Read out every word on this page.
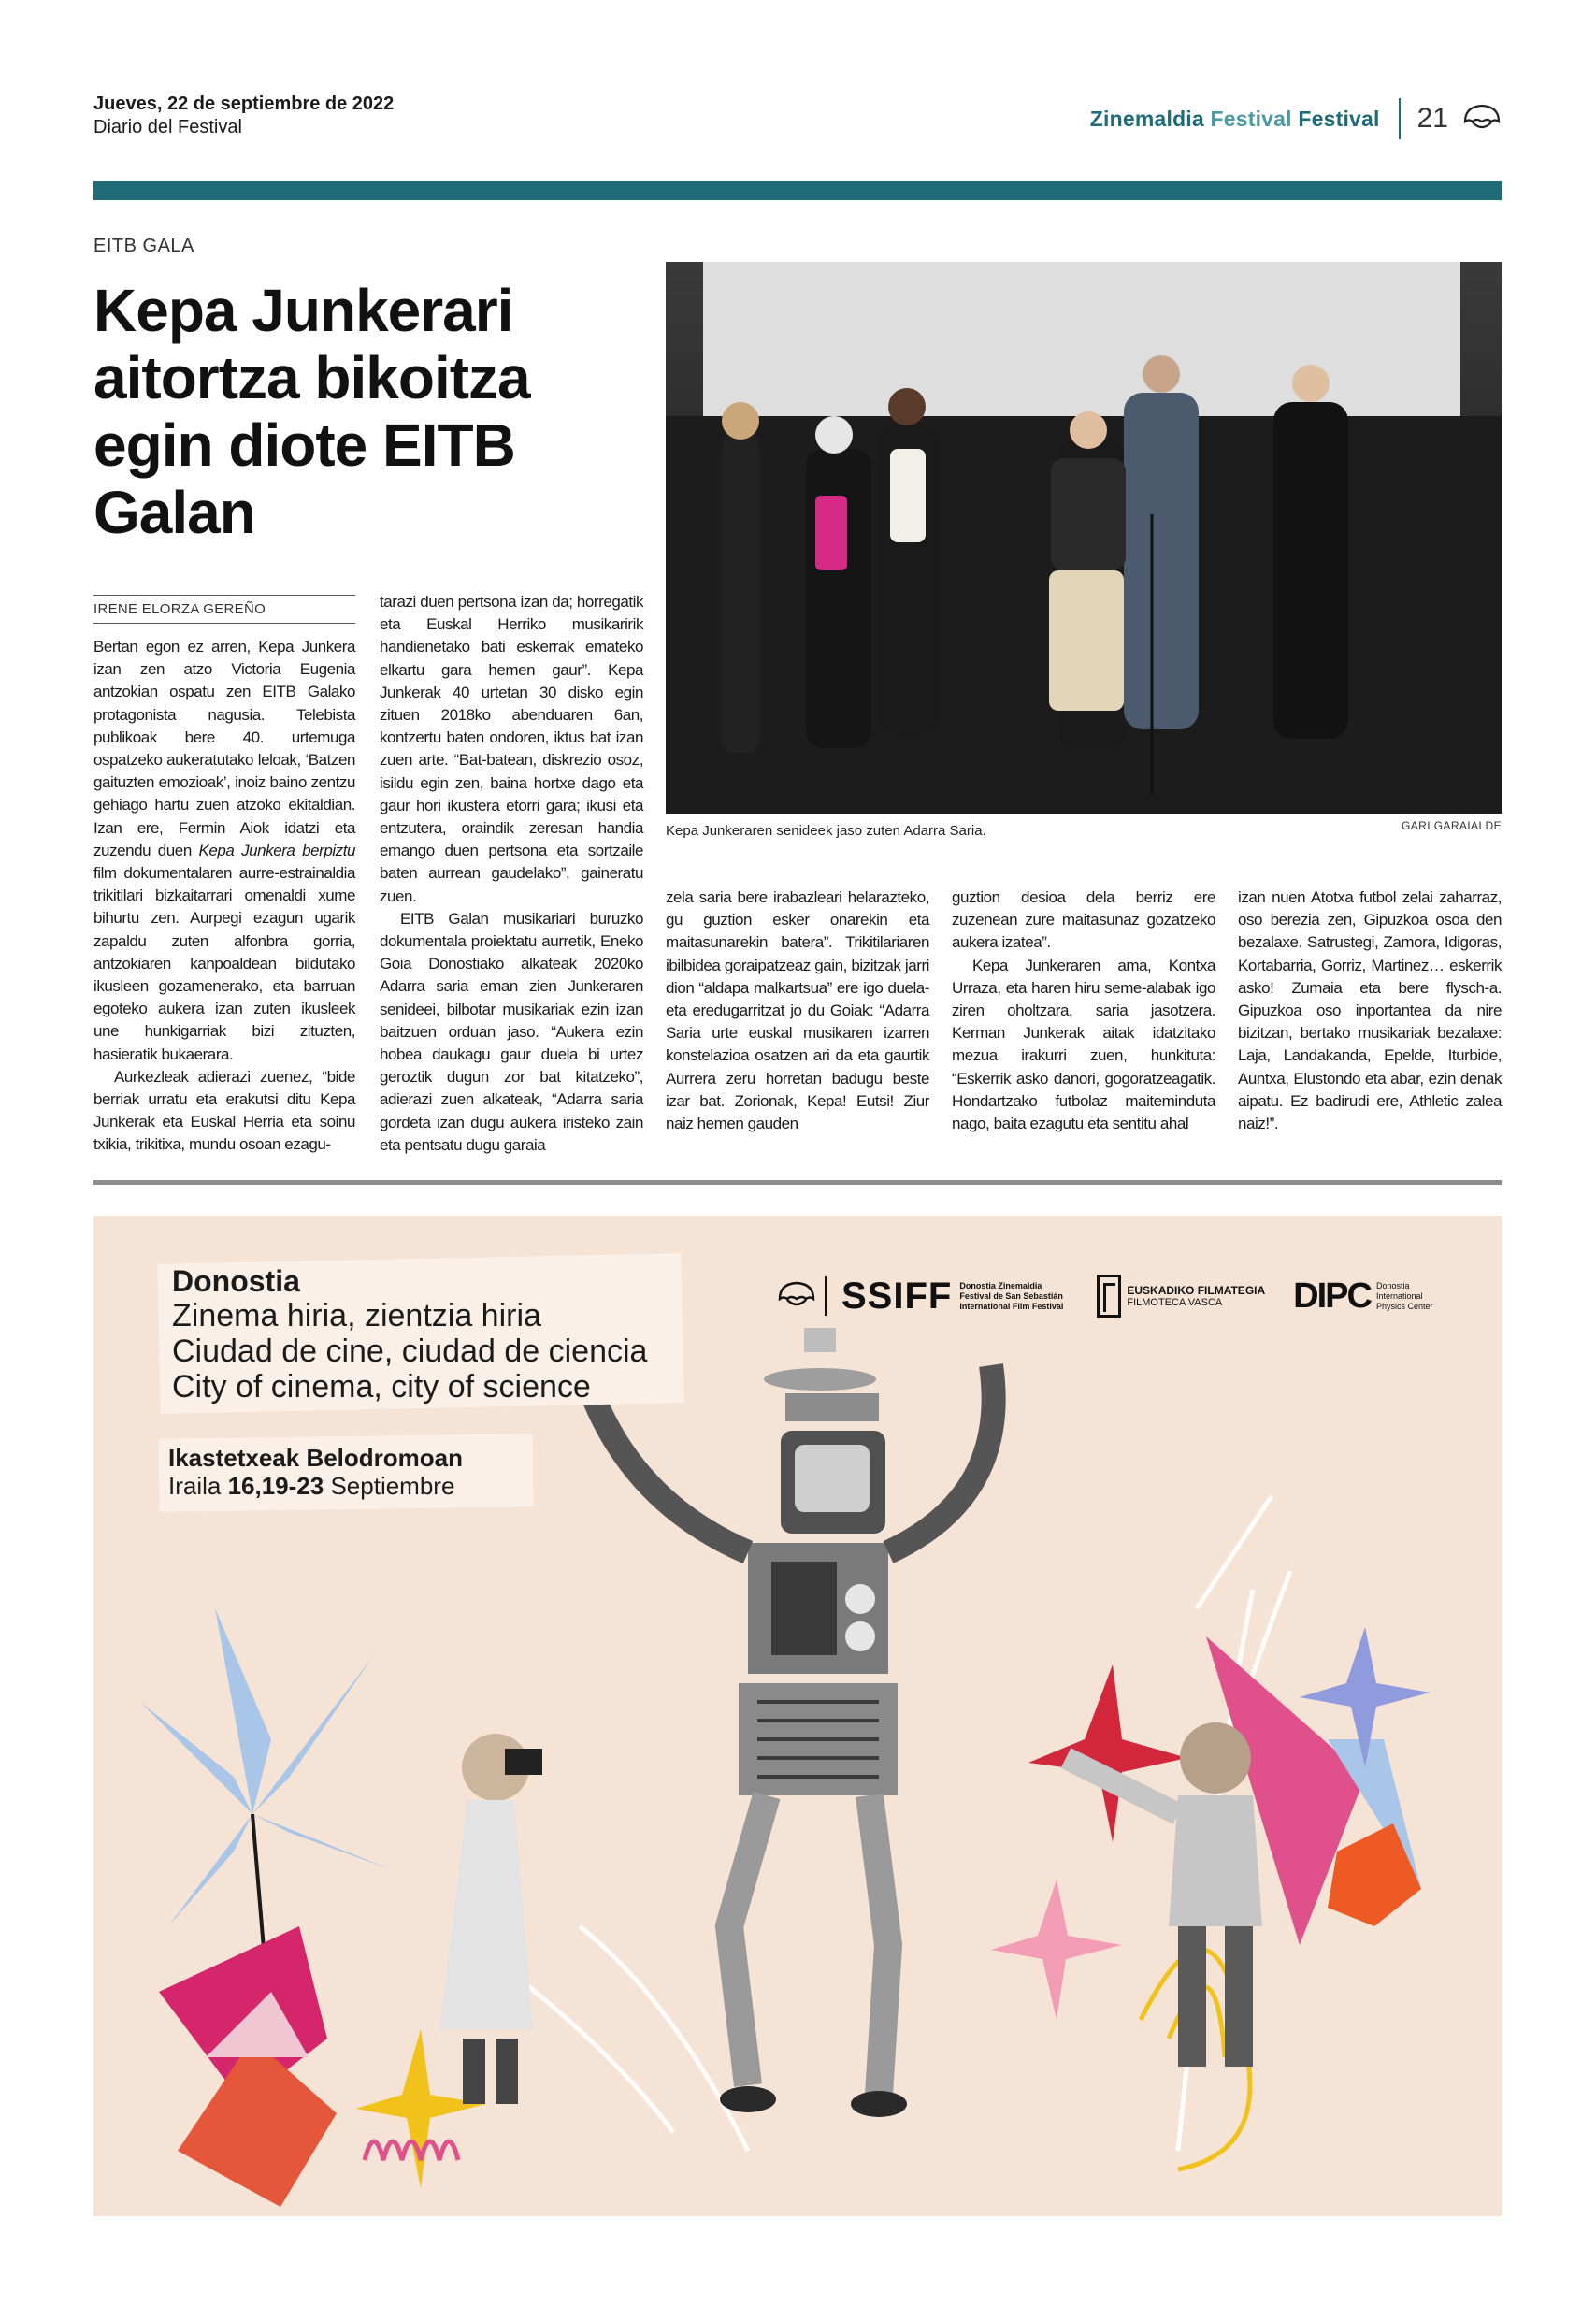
Jueves, 22 de septiembre de 2022
Diario del Festival	Zinemaldia Festival Festival 21
EITB GALA
Kepa Junkerari aitortza bikoitza egin diote EITB Galan
IRENE ELORZA GEREÑO

Bertan egon ez arren, Kepa Junkera izan zen atzo Victoria Eugenia antzokian ospatu zen EITB Galako protagonista nagusia. Telebista publikoak bere 40. urtemuga ospatzeko aukeratutako leloak, ‘Batzen gaituzten emozioak’, inoiz baino zentzu gehiago hartu zuen atzoko ekitaldian. Izan ere, Fermin Aiok idatzi eta zuzendu duen Kepa Junkera berpiztu film dokumentalaren aurre-estrainaldia trikitilari bizkaitarrari omenaldi xume bihurtu zen. Aurpegi ezagun ugarik zapaldu zuten alfonbra gorria, antzokiaren kanpoaldean bildutako ikusleen gozamenerako, eta barruan egoteko aukera izan zuten ikusleek une hunkigarriak bizi zituzten, hasieratik bukaerara.

Aurkezleak adierazi zuenez, “bide berriak urratu eta erakutsi ditu Kepa Junkerak eta Euskal Herria eta soinu txikia, trikitixa, mundu osoan ezagu-

tarazi duen pertsona izan da; horregatik eta Euskal Herriko musikaririk handienetako bati eskerrak emateko elkartu gara hemen gaur”. Kepa Junkerak 40 urtetan 30 disko egin zituen 2018ko abenduaren 6an, kontzertu baten ondoren, iktus bat izan zuen arte. “Bat-batean, diskrezio osoz, isildu egin zen, baina hortxe dago eta gaur hori ikustera etorri gara; ikusi eta entzutera, oraindik zeresan handia emango duen pertsona eta sortzaile baten aurrean gaudelako”, gaineratu zuen.

EITB Galan musikariari buruzko dokumentala proiektatu aurretik, Eneko Goia Donostiako alkateak 2020ko Adarra saria eman zien Junkeraren senideei, bilbotar musikariak ezin izan baitzuen orduan jaso. “Aukera ezin hobea daukagu gaur duela bi urtez geroztik dugun zor bat kitatzeko”, adierazi zuen alkateak, “Adarra saria gordeta izan dugu aukera iristeko zain eta pentsatu dugu garaia

Kepa Junkeraren senideek jaso zuten Adarra Saria.	GARI GARAIALDE

zela saria bere irabazleari helarazteko, gu guztion esker onarekin eta maitasunarekin batera”. Trikitilariaren ibilbidea goraipatzeaz gain, bizitzak jarri dion “aldapa malkartsua” ere igo duela-eta eredugarritzat jo du Goiak: “Adarra Saria urte euskal musikaren izarren konstelazioa osatzen ari da eta gaurtik Aurrera zeru horretan badugu beste izar bat. Zorionak, Kepa! Eutsi! Ziur naiz hemen gauden

guztion desioa dela berriz ere zuzenean zure maitasunaz gozatzeko aukera izatea”.

Kepa Junkeraren ama, Kontxa Urraza, eta haren hiru seme-alabak igo ziren oholtzara, saria jasotzera. Kerman Junkerak aitak idatzitako mezua irakurri zuen, hunkituta: “Eskerrik asko danori, gogoratzeagatik. Hondartzako futbolaz maiteminduta nago, baita ezagutu eta sentitu ahal

izan nuen Atotxa futbol zelai zaharraz, oso berezia zen, Gipuzkoa osoa den bezalaxe. Satrustegi, Zamora, Idigoras, Kortabarria, Gorriz, Martinez… eskerrik asko! Zumaia eta bere flysch-a. Gipuzkoa oso inportantea da nire bizitzan, bertako musikariak bezalaxe: Laja, Landakanda, Epelde, Iturbide, Auntxa, Elustondo eta abar, ezin denak aipatu. Ez badirudi ere, Athletic zalea naiz!”.

Donostia
Zinema hiria, zientzia hiria
Ciudad de cine, ciudad de ciencia
City of cinema, city of science
Ikastetxeak Belodromoan
Iraila 16,19-23 Septiembre
SSIFF Donostia Zinemaldia
Festival de San Sebastián
International Film Festival
EUSKADIKO FILMATEGIA
FILMOTECA VASCA	DIPC Donostia
International
Physics Center
